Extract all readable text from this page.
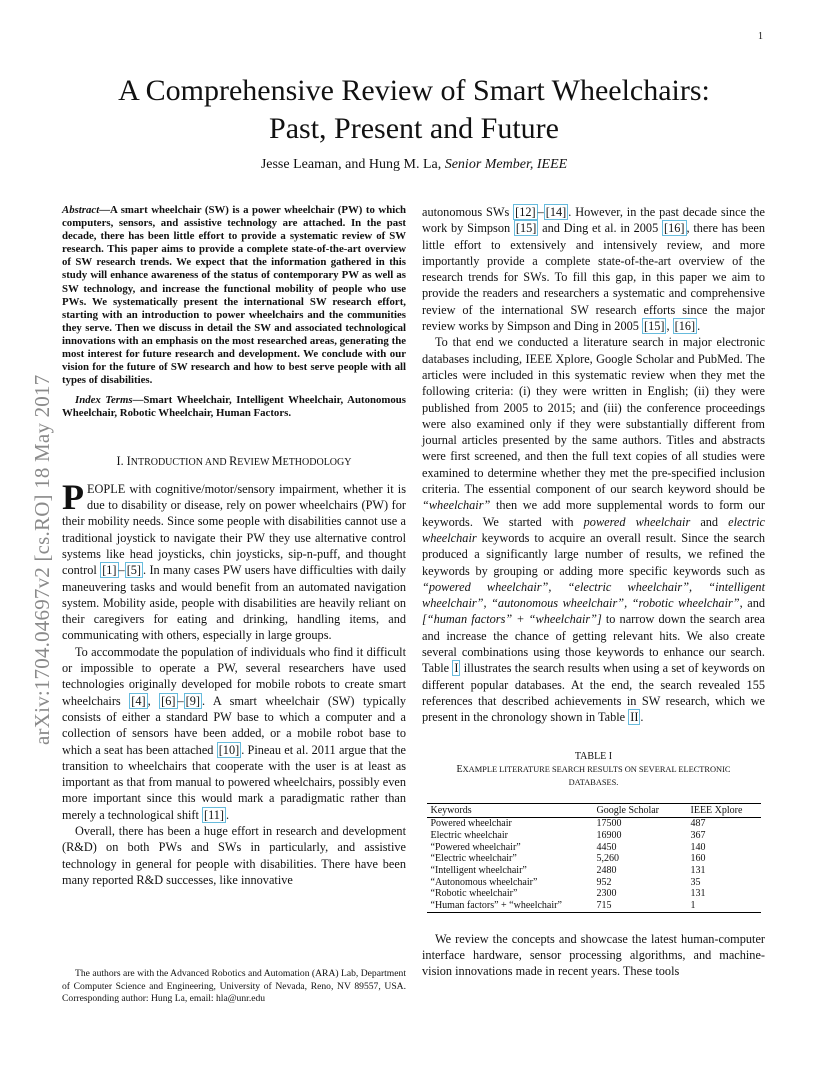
1
arXiv:1704.04697v2 [cs.RO] 18 May 2017
A Comprehensive Review of Smart Wheelchairs:
Past, Present and Future
Jesse Leaman, and Hung M. La, Senior Member, IEEE

Abstract—A smart wheelchair (SW) is a power wheelchair (PW) to which computers, sensors, and assistive technology are attached. In the past decade, there has been little effort to provide a systematic review of SW research. This paper aims to provide a complete state-of-the-art overview of SW research trends. We expect that the information gathered in this study will enhance awareness of the status of contemporary PW as well as SW technology, and increase the functional mobility of people who use PWs. We systematically present the international SW research effort, starting with an introduction to power wheelchairs and the communities they serve. Then we discuss in detail the SW and associated technological innovations with an emphasis on the most researched areas, generating the most interest for future research and development. We conclude with our vision for the future of SW research and how to best serve people with all types of disabilities.

Index Terms—Smart Wheelchair, Intelligent Wheelchair, Autonomous Wheelchair, Robotic Wheelchair, Human Factors.

I. INTRODUCTION AND REVIEW METHODOLOGY

PEOPLE with cognitive/motor/sensory impairment, whether it is due to disability or disease, rely on power wheelchairs (PW) for their mobility needs. Since some people with disabilities cannot use a traditional joystick to navigate their PW they use alternative control systems like head joysticks, chin joysticks, sip-n-puff, and thought control [1] – [5] . In many cases PW users have difficulties with daily maneuvering tasks and would benefit from an automated navigation system. Mobility aside, people with disabilities are heavily reliant on their caregivers for eating and drinking, handling items, and communicating with others, especially in large groups.

To accommodate the population of individuals who find it difficult or impossible to operate a PW, several researchers have used technologies originally developed for mobile robots to create smart wheelchairs [4] , [6] – [9] . A smart wheelchair (SW) typically consists of either a standard PW base to which a computer and a collection of sensors have been added, or a mobile robot base to which a seat has been attached [10] . Pineau et al. 2011 argue that the transition to wheelchairs that cooperate with the user is at least as important as that from manual to powered wheelchairs, possibly even more important since this would mark a paradigmatic rather than merely a technological shift [11] .

Overall, there has been a huge effort in research and development (R&D) on both PWs and SWs in particularly, and assistive technology in general for people with disabilities. There have been many reported R&D successes, like innovative

The authors are with the Advanced Robotics and Automation (ARA) Lab, Department of Computer Science and Engineering, University of Nevada, Reno, NV 89557, USA. Corresponding author: Hung La, email: hla@unr.edu

autonomous SWs [12] – [14] . However, in the past decade since the work by Simpson [15] and Ding et al. in 2005 [16] , there has been little effort to extensively and intensively review, and more importantly provide a complete state-of-the-art overview of the research trends for SWs. To fill this gap, in this paper we aim to provide the readers and researchers a systematic and comprehensive review of the international SW research efforts since the major review works by Simpson and Ding in 2005 [15] , [16] .

To that end we conducted a literature search in major electronic databases including, IEEE Xplore, Google Scholar and PubMed. The articles were included in this systematic review when they met the following criteria: (i) they were written in English; (ii) they were published from 2005 to 2015; and (iii) the conference proceedings were also examined only if they were substantially different from journal articles presented by the same authors. Titles and abstracts were first screened, and then the full text copies of all studies were examined to determine whether they met the pre-specified inclusion criteria. The essential component of our search keyword should be “wheelchair” then we add more supplemental words to form our keywords. We started with powered wheelchair and electric wheelchair keywords to acquire an overall result. Since the search produced a significantly large number of results, we refined the keywords by grouping or adding more specific keywords such as “powered wheelchair”, “electric wheelchair”, “intelligent wheelchair”, “autonomous wheelchair”, “robotic wheelchair”, and [“human factors” + “wheelchair”] to narrow down the search area and increase the chance of getting relevant hits. We also create several combinations using those keywords to enhance our search. Table I illustrates the search results when using a set of keywords on different popular databases. At the end, the search revealed 155 references that described achievements in SW research, which we present in the chronology shown in Table II .

TABLE I
EXAMPLE LITERATURE SEARCH RESULTS ON SEVERAL ELECTRONIC
DATABASES.
Keywords	Google Scholar	IEEE Xplore
Powered wheelchair	17500	487
Electric wheelchair	16900	367
“Powered wheelchair”	4450	140
“Electric wheelchair”	5,260	160
“Intelligent wheelchair”	2480	131
“Autonomous wheelchair”	952	35
“Robotic wheelchair”	2300	131
“Human factors” + “wheelchair”	715	1

We review the concepts and showcase the latest human-computer interface hardware, sensor processing algorithms, and machine-vision innovations made in recent years. These tools
